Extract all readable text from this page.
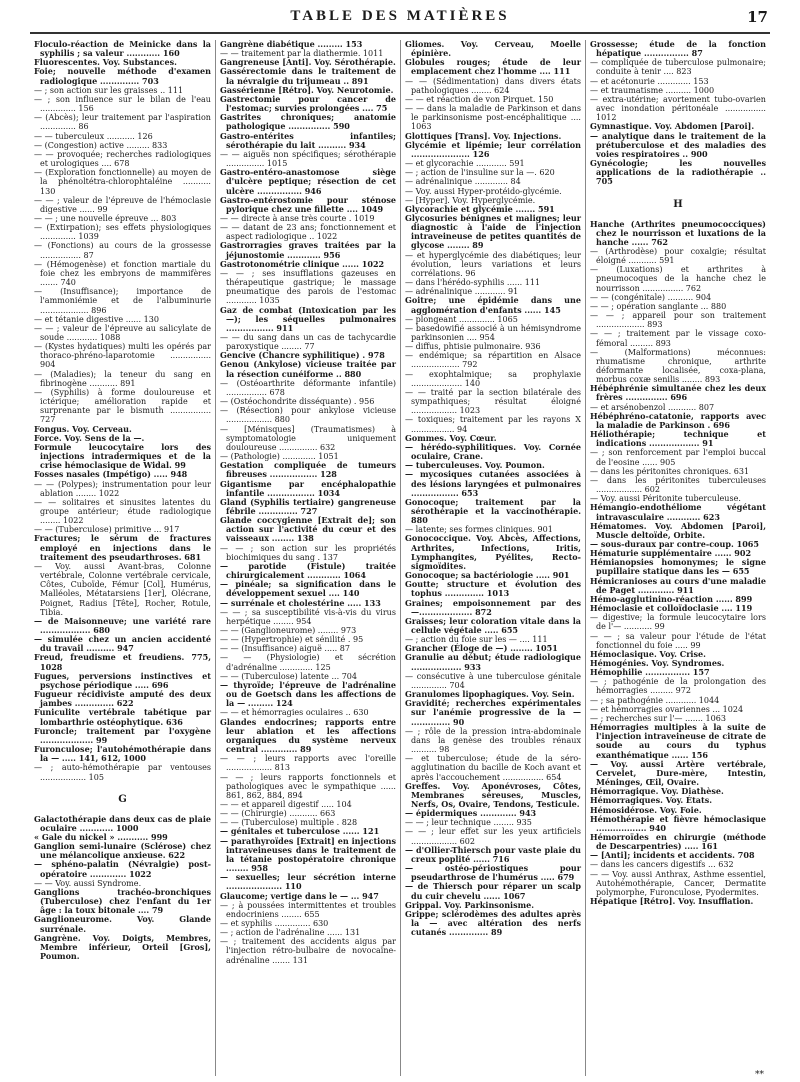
TABLE DES MATIÈRES	17

Floculo-réaction de Meinicke dans la syphilis ; sa valeur ............ 160

Fluorescentes. Voy. Substances.

Foie; nouvelle méthode d'examen radiologique .............. 703

— ; son action sur les graisses .. 111

— ; son influence sur le bilan de l'eau .............. 156

— (Abcès); leur traitement par l'aspiration .............. 86

— — tuberculeux ........... 126

— (Congestion) active ......... 833

— — provoquée; recherches radiologiques et urologiques .... 678

— (Exploration fonctionnelle) au moyen de la phénoltétra-chlorophtaléine ........... 130

— — ; valeur de l'épreuve de l'hémoclasie digestive ...... 99

— — ; une nouvelle épreuve ... 803

— (Extirpation); ses effets physiologiques .............. 1039

— (Fonctions) au cours de la grossesse ................ 87

— (Hémogenèse) et fonction martiale du foie chez les embryons de mammifères ....... 740

— (Insuffisance); importance de l'ammoniémie et de l'albuminurie ................... 896

— et tétanie digestive ...... 130

— — ; valeur de l'épreuve au salicylate de soude ............ 1088

— (Kystes hydatiques) multi les opérés par thoraco-phréno-laparotomie ................ 904

— (Maladies); la teneur du sang en fibrinogène ........... 891

— (Syphilis) à forme douloureuse et ictérique; amélioration rapide et surprenante par le bismuth ................ 727

Fongus. Voy. Cerveau.

Force. Voy. Sens de la —.

Formule leucocytaire lors des injections intradermiques et de la crise hémoclasique de Widal. 99

Fosses nasales (Impétigo) ..... 948

— — (Polypes); instrumentation pour leur ablation ........ 1022

— — solitaires et sinusites latentes du groupe antérieur; étude radiologique ........ 1022

— — (Tuberculose) primitive ... 917

Fractures; le sérum de fractures employé en injections dans le traitement des pseudarthroses. 681

— Voy. aussi Avant-bras, Colonne vertébrale, Colonne vertébrale cervicale, Côtes, Cuboïde, Fémur [Col], Humérus, Malléoles, Métatarsiens [1er], Olécrane, Poignet, Radius [Tête], Rocher, Rotule, Tibia.

— de Maisonneuve; une variété rare .................. 680

— simulée chez un ancien accidenté du travail .......... 947

Freud, freudisme et freudiens. 775, 1028

Fugues, perversions instinctives et psychose périodique ..... 696

Fugueur récidiviste amputé des deux jambes .............. 622

Funiculite vertébrale tabétique par lombarthrie ostéophytique. 636

Furoncle; traitement par l'oxygène ................... 99

Furonculose; l'autohémothérapie dans la — ..... 141, 612, 1000

— ; auto-hémothérapie par ventouses .................. 105

G

Galactothérapie dans deux cas de plaie oculaire ............ 1000

« Gale du nickel » ........... 999

Ganglion semi-lunaire (Sclérose) chez une mélancolique anxieuse. 622

— sphéno-palatin (Névralgie) post-opératoire ............. 1022

— — Voy. aussi Syndrome.

Ganglions trachéo-bronchiques (Tuberculose) chez l'enfant du 1er âge : la toux bitonale .... 79

Ganglioneurome. Voy. Glande surrénale.

Gangrène. Voy. Doigts, Membres, Membre inférieur, Orteil [Gros], Poumon.

Gangrène diabétique ......... 153

— — traitement par la diathermie. 1011

Gangreneuse [Anti]. Voy. Sérothérapie.

Gassérectomie dans le traitement de la névralgie du trijumeau .. 891

Gassérienne [Rétro]. Voy. Neurotomie.

Gastrectomie pour cancer de l'estomac; survies prolongées .... 75

Gastrites chroniques; anatomie pathologique ............... 590

Gastro-entérites infantiles; sérothérapie du lait .......... 934

— — aiguës non spécifiques; sérothérapie ............... 1015

Gastro-entéro-anastomose siège d'ulcère peptique; résection de cet ulcère ................ 946

Gastro-entérostomie pour sténose pylorique chez une fillette .... 1049

— — directe à anse très courte . 1019

— — datant de 23 ans; fonctionnement et aspect radiologique .. 1022

Gastrorragies graves traitées par la jéjunostomie ............ 956

Gastrotonométrie clinique ...... 1022

— — ; ses insufflations gazeuses en thérapeutique gastrique; le massage pneumatique des parois de l'estomac ............ 1035

Gaz de combat (Intoxication par les —); les séquelles pulmonaires ................. 911

— — du sang dans un cas de tachycardie paroxystique ........ 77

Gencive (Chancre syphilitique) . 978

Genou (Ankylose) vicieuse traitée par la résection cunéiforme .. 880

— (Ostéoarthrite déformante infantile) ................ 678

— (Ostéochondrite disséquante) . 956

— (Résection) pour ankylose vicieuse .................. 880

— [Ménisques] (Traumatismes) à symptomatologie uniquement douloureuse ............... 632

— (Pathologie) ............. 1051

Gestation compliquée de tumeurs fibreuses ................. 128

Gigantisme par encéphalopathie infantile ................. 1034

Gland (Syphilis tertiaire) gangreneuse fébrile .............. 727

Glande coccygienne [Extrait de]; son action sur l'activité du cœur et des vaisseaux ........ 138

— — ; son action sur les propriétés biochimiques du sang . 137

— parotide (Fistule) traitée chirurgicalement ............ 1064

— pinéale; sa signification dans le développement sexuel .... 140

— surrénale et cholestérine ..... 133

— — ; sa susceptibilité vis-à-vis du virus herpétique ........ 954

— — (Ganglioneurome) ........ 973

— — (Hypertrophie) et sénilité . 95

— — (Insuffisance) aiguë ..... 87

— — (Physiologie) et sécrétion d'adrénaline ............. 125

— — (Tuberculose) latente ... 704

— thyroïde; l'épreuve de l'adrénaline ou de Goetsch dans les affections de la — ......... 124

— — et hémorragies oculaires .. 630

Glandes endocrines; rapports entre leur ablation et les affections organiques du système nerveux central ............. 89

— — ; leurs rapports avec l'oreille .................. 813

— — ; leurs rapports fonctionnels et pathologiques avec le sympathique ...... 861, 862, 884, 894

— — et appareil digestif ..... 104

— — (Chirurgie) ........... 663

— — (Tuberculose) multiple . 828

— génitales et tuberculose ...... 121

— parathyroïdes [Extrait] en injections intraveineuses dans le traitement de la tétanie postopératoire chronique ........ 958

— sexuelles; leur sécrétion interne .................... 110

Glaucome; vertige dans le — ... 947

— ; à poussées intermittentes et troubles endocriniens ........ 655

— et syphilis .............. 630

— ; action de l'adrénaline ...... 131

— ; traitement des accidents aigus par l'injection rétro-bulbaire de novocaïne-adrénaline ....... 131

Gliomes. Voy. Cerveau, Moelle épinière.

Globules rouges; étude de leur emplacement chez l'homme .... 111

— — (Sédimentation) dans divers états pathologiques ........ 624

— — et réaction de von Pirquet. 150

— — dans la maladie de Parkinson et dans le parkinsonisme post-encéphalitique .... 1063

Glottiques [Trans]. Voy. Injections.

Glycémie et lipémie; leur corrélation ..................... 126

— et glycorachie ............ 591

— ; action de l'insuline sur la —. 620

— adrénalinique ............. 84

— Voy. aussi Hyper-protéido-glycémie.

— [Hyper]. Voy. Hyperglycémie.

Glycorachie et glycémie ....... 591

Glycosuries bénignes et malignes; leur diagnostic à l'aide de l'injection intraveineuse de petites quantités de glycose ........ 89

— et hyperglycémie des diabétiques; leur évolution, leurs variations et leurs corrélations. 96

— dans l'hérédo-syphilis ...... 111

— adrénalinique ............ 91

Goitre; une épidémie dans une agglomération d'enfants ...... 145

— plongeant .............. 1065

— basedowifié associé à un hémisyndrome parkinsonien .... 954

— diffus, phtisie pulmonaire. 936

— endémique; sa répartition en Alsace ................... 792

— exophtalmique; sa prophylaxie .................... 140

— — traité par la section bilatérale des sympathiques; résultat éloigné .................. 1023

— toxiques; traitement par les rayons X ................. 94

Gommes. Voy. Cœur.

— hérédo-syphilitiques. Voy. Cornée oculaire, Crane.

— tuberculeuses. Voy. Poumon.

— mycosiques cutanées associées à des lésions laryngées et pulmonaires ................. 653

Gonocoque; traitement par la sérothérapie et la vaccinothérapie. 880

— latente; ses formes cliniques. 901

Gonococcique. Voy. Abcès, Affections, Arthrites, Infections, Iritis, Lymphangites, Pyélites, Recto-sigmoïdites.

Gonocoque; sa bactériologie ..... 901

Goutte; structure et évolution des tophus .............. 1013

Graines; empoisonnement par des —................... 872

Graisses; leur coloration vitale dans la cellule végétale ..... 655

— ; action du foie sur les — .... 111

Grancher (Éloge de —) ........ 1051

Granulie au début; étude radiologique .................. 933

— consécutive à une tuberculose génitale .............. 704

Granulomes lipophagiques. Voy. Sein.

Gravidité; recherches expérimentales sur l'anémie progressive de la — .............. 90

— ; rôle de la pression intra-abdominale dans la genèse des troubles rénaux .......... 98

— et tuberculose; étude de la séro-agglutination du bacille de Koch avant et après l'accouchement ................ 654

Greffes. Voy. Aponévroses, Côtes, Membranes séreuses, Muscles, Nerfs, Os, Ovaire, Tendons, Testicule.

— épidermiques ............. 943

— — ; leur technique ........ 935

— — ; leur effet sur les yeux artificiels .................. 602

— d'Ollier-Thiersch pour vaste plaie du creux poplité ...... 716

— ostéo-périostiques pour pseudarthrose de l'humérus ..... 679

— de Thiersch pour réparer un scalp du cuir chevelu ...... 1067

Grippal. Voy. Parkinsonisme.

Grippe; sclérodèmes des adultes après la — avec altération des nerfs cutanés .............. 89

Grossesse; étude de la fonction hépatique ................ 87

— compliquée de tuberculose pulmonaire; conduite à tenir .... 823

— et acétonurie ............. 153

— et traumatisme .......... 1000

— extra-utérine; avortement tubo-ovarien avec inondation péritonéale ................ 1012

Gymnastique. Voy. Abdomen [Paroi].

— analytique dans le traitement de la prétuberculose et des maladies des voies respiratoires .. 900

Gynécologie; les nouvelles applications de la radiothérapie .. 705

H

Hanche (Arthrites pneumococciques) chez le nourrisson et luxations de la hanche ...... 762

— (Arthrodèse) pour coxalgie; résultat éloigné ........... 591

— (Luxations) et arthrites à pneumocoques de la hanche chez le nourrisson ................ 762

— — (congénitale) .......... 904

— — ; opération sanglante ... 880

— — ; appareil pour son traitement ................... 893

— — ; traitement par le vissage coxo-fémoral ......... 893

— (Malformations) méconnues: rhumatisme chronique, arthrite déformante localisée, coxa-plana, morbus coxæ senilis ........ 893

Hébéphrénie simultanée chez les deux frères ............... 696

— et arsénobenzol ........... 807

Hébéphréno-catatonie, rapports avec la maladie de Parkinson . 696

Héliothérapie; technique et indications .................. 91

— ; son renforcement par l'emploi buccal de l'eosine ...... 905

— dans les péritonites chroniques. 631

— dans les péritonites tuberculeuses .................. 602

— Voy. aussi Péritonite tuberculeuse.

Hémangio-endothéliome végétant intravasculaire ............ 623

Hématomes. Voy. Abdomen [Paroi], Muscle deltoïde, Orbite.

— sous-duraux par contre-coup. 1065

Hématurie supplémentaire ...... 902

Hémianopsies homonymes; le signe pupillaire statique dans les — 655

Hémicranioses au cours d'une maladie de Paget ............. 911

Hémo-agglutinino-réaction ...... 899

Hémoclasie et colloïdoclasie .... 119

— digestive; la formule leucocytaire lors de l'— ........... 99

— — ; sa valeur pour l'étude de l'état fonctionnel du foie ..... 99

Hémoclasique. Voy. Crise.

Hémogénies. Voy. Syndromes.

Hémophilie ................ 157

— ; pathogénie de la prolongation des hémorragies ......... 972

— ; sa pathogénie ............ 1044

— et hémorragies ovariennes ... 1024

— ; recherches sur l'— ....... 1063

Hémorragies multiples à la suite de l'injection intraveineuse de citrate de soude au cours du typhus exanthématique ...... 156

— Voy. aussi Artère vertébrale, Cervelet, Dure-mère, Intestin, Méninges, Œil, Ovaire.

Hémorragique. Voy. Diathèse.

Hémorragiques. Voy. États.

Hémosidérose. Voy. Foie.

Hémothérapie et fièvre hémoclasique .................. 940

Hémorroïdes en chirurgie (méthode de Descarpentries) ..... 161

— [Anti]; incidents et accidents. 708

— dans les cancers digestifs ... 632

— — Voy. aussi Anthrax, Asthme essentiel, Autohémothérapie, Cancer, Dermatite polymorphe, Furonculose, Pyodermites.

Hépatique [Rétro]. Voy. Insufflation.

**
